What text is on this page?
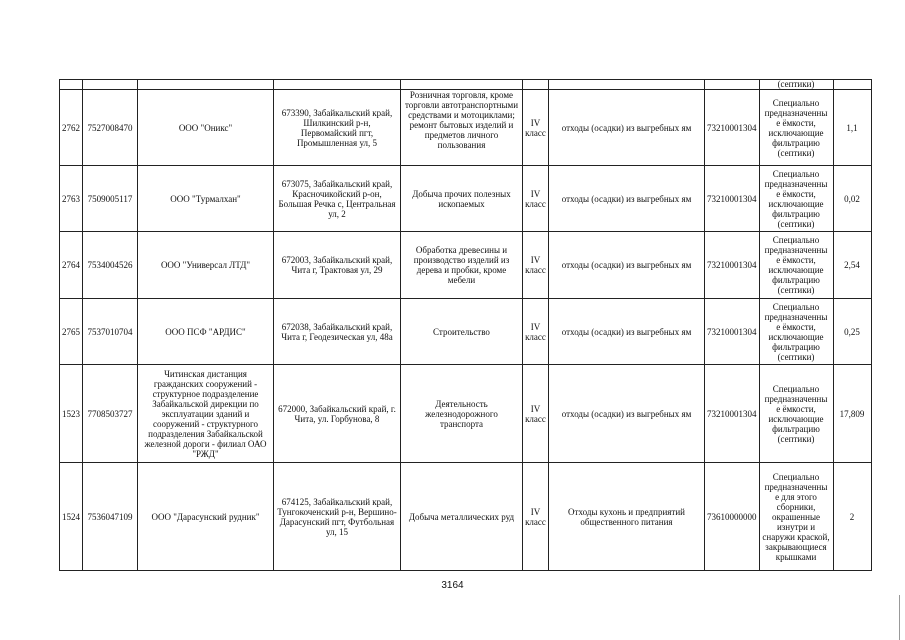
								(септики)	
2762	7527008470	ООО "Оникс"	673390, Забайкальский край, Шилкинский р-н, Первомайский пгт, Промышленная ул, 5	Розничная торговля, кроме торговли автотранспортными средствами и мотоциклами; ремонт бытовых изделий и предметов личного пользования	IV класс	отходы (осадки) из выгребных ям	73210001304	Специально предназначенны е ёмкости, исключающие фильтрацию (септики)	1,1
2763	7509005117	ООО "Турмалхан"	673075, Забайкальский край, Красночикойский р-он, Большая Речка с, Центральная ул, 2	Добыча прочих полезных ископаемых	IV класс	отходы (осадки) из выгребных ям	73210001304	Специально предназначенны е ёмкости, исключающие фильтрацию (септики)	0,02
2764	7534004526	ООО "Универсал ЛТД"	672003, Забайкальский край, Чита г, Трактовая ул, 29	Обработка древесины и производство изделий из дерева и пробки, кроме мебели	IV класс	отходы (осадки) из выгребных ям	73210001304	Специально предназначенны е ёмкости, исключающие фильтрацию (септики)	2,54
2765	7537010704	ООО ПСФ "АРДИС"	672038, Забайкальский край, Чита г, Геодезическая ул, 48а	Строительство	IV класс	отходы (осадки) из выгребных ям	73210001304	Специально предназначенны е ёмкости, исключающие фильтрацию (септики)	0,25
1523	7708503727	Читинская дистанция гражданских сооружений - структурное подразделение Забайкальской дирекции по эксплуатации зданий и сооружений - структурного подразделения Забайкальской железной дороги - филиал ОАО "РЖД"	672000, Забайкальский край, г. Чита, ул. Горбунова, 8	Деятельность железнодорожного транспорта	IV класс	отходы (осадки) из выгребных ям	73210001304	Специально предназначенны е ёмкости, исключающие фильтрацию (септики)	17,809
1524	7536047109	ООО "Дарасунский рудник"	674125, Забайкальский край, Тунгокоченский р-н, Вершино-Дарасунский пгт, Футбольная ул, 15	Добыча металлических руд	IV класс	Отходы кухонь и предприятий общественного питания	73610000000	Специально предназначенны е для этого сборники, окрашенные изнутри и снаружи краской, закрывающиеся крышками	2
3164
